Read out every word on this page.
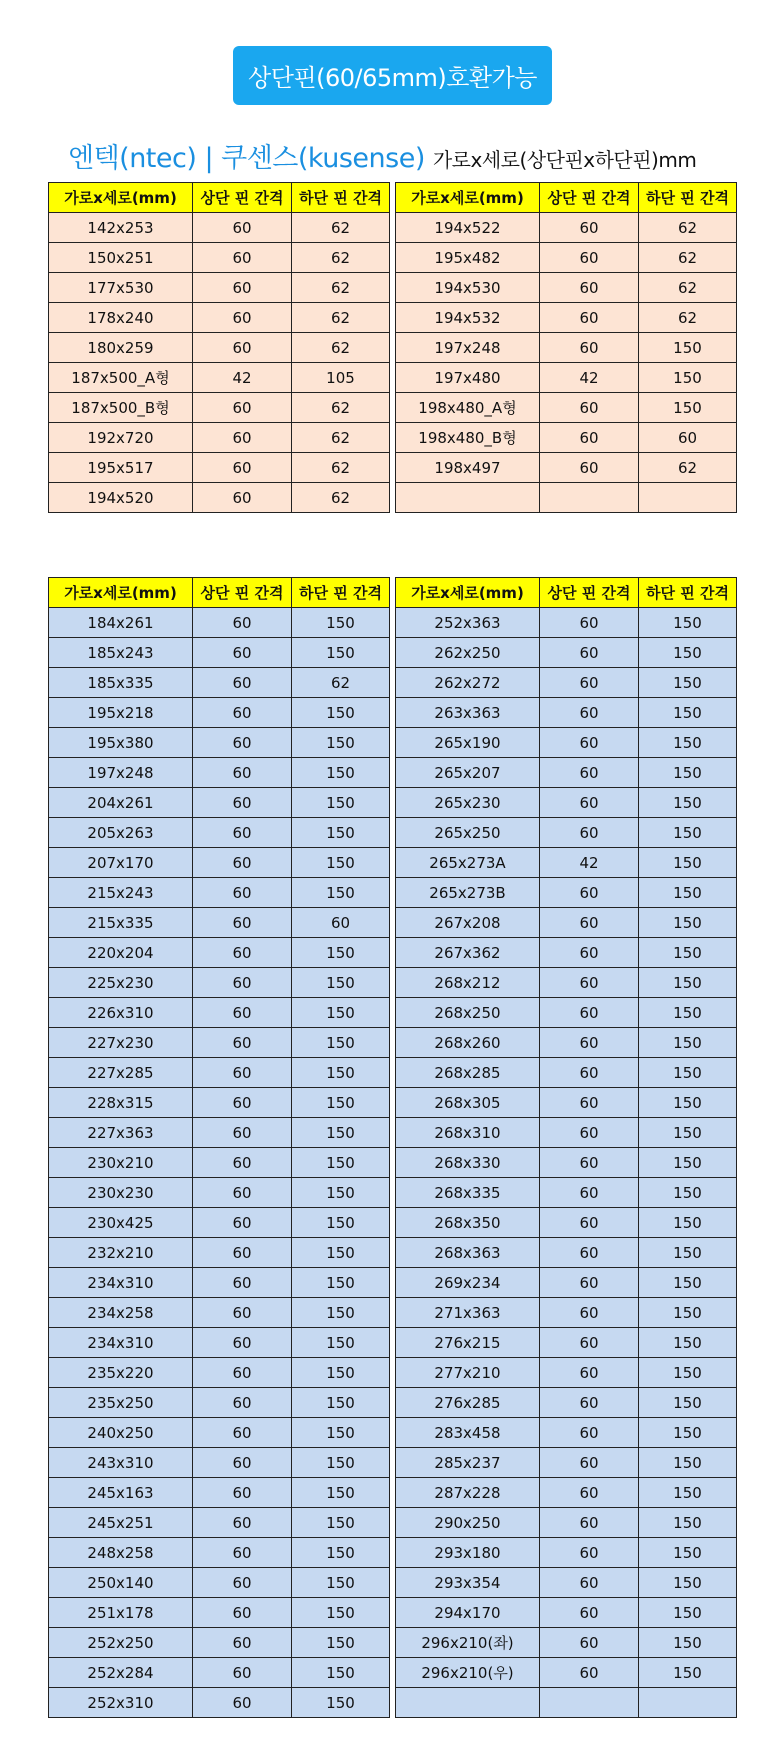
상단핀(60/65mm)호환가능
엔텍(ntec) | 쿠센스(kusense) 가로x세로(상단핀x하단핀)mm
가로x세로(mm)	상단 핀 간격	하단 핀 간격
142x253	60	62
150x251	60	62
177x530	60	62
178x240	60	62
180x259	60	62
187x500_A형	42	105
187x500_B형	60	62
192x720	60	62
195x517	60	62
194x520	60	62
가로x세로(mm)	상단 핀 간격	하단 핀 간격
194x522	60	62
195x482	60	62
194x530	60	62
194x532	60	62
197x248	60	150
197x480	42	150
198x480_A형	60	150
198x480_B형	60	60
198x497	60	62

가로x세로(mm)	상단 핀 간격	하단 핀 간격
184x261	60	150
185x243	60	150
185x335	60	62
195x218	60	150
195x380	60	150
197x248	60	150
204x261	60	150
205x263	60	150
207x170	60	150
215x243	60	150
215x335	60	60
220x204	60	150
225x230	60	150
226x310	60	150
227x230	60	150
227x285	60	150
228x315	60	150
227x363	60	150
230x210	60	150
230x230	60	150
230x425	60	150
232x210	60	150
234x310	60	150
234x258	60	150
234x310	60	150
235x220	60	150
235x250	60	150
240x250	60	150
243x310	60	150
245x163	60	150
245x251	60	150
248x258	60	150
250x140	60	150
251x178	60	150
252x250	60	150
252x284	60	150
252x310	60	150
가로x세로(mm)	상단 핀 간격	하단 핀 간격
252x363	60	150
262x250	60	150
262x272	60	150
263x363	60	150
265x190	60	150
265x207	60	150
265x230	60	150
265x250	60	150
265x273A	42	150
265x273B	60	150
267x208	60	150
267x362	60	150
268x212	60	150
268x250	60	150
268x260	60	150
268x285	60	150
268x305	60	150
268x310	60	150
268x330	60	150
268x335	60	150
268x350	60	150
268x363	60	150
269x234	60	150
271x363	60	150
276x215	60	150
277x210	60	150
276x285	60	150
283x458	60	150
285x237	60	150
287x228	60	150
290x250	60	150
293x180	60	150
293x354	60	150
294x170	60	150
296x210(좌)	60	150
296x210(우)	60	150
